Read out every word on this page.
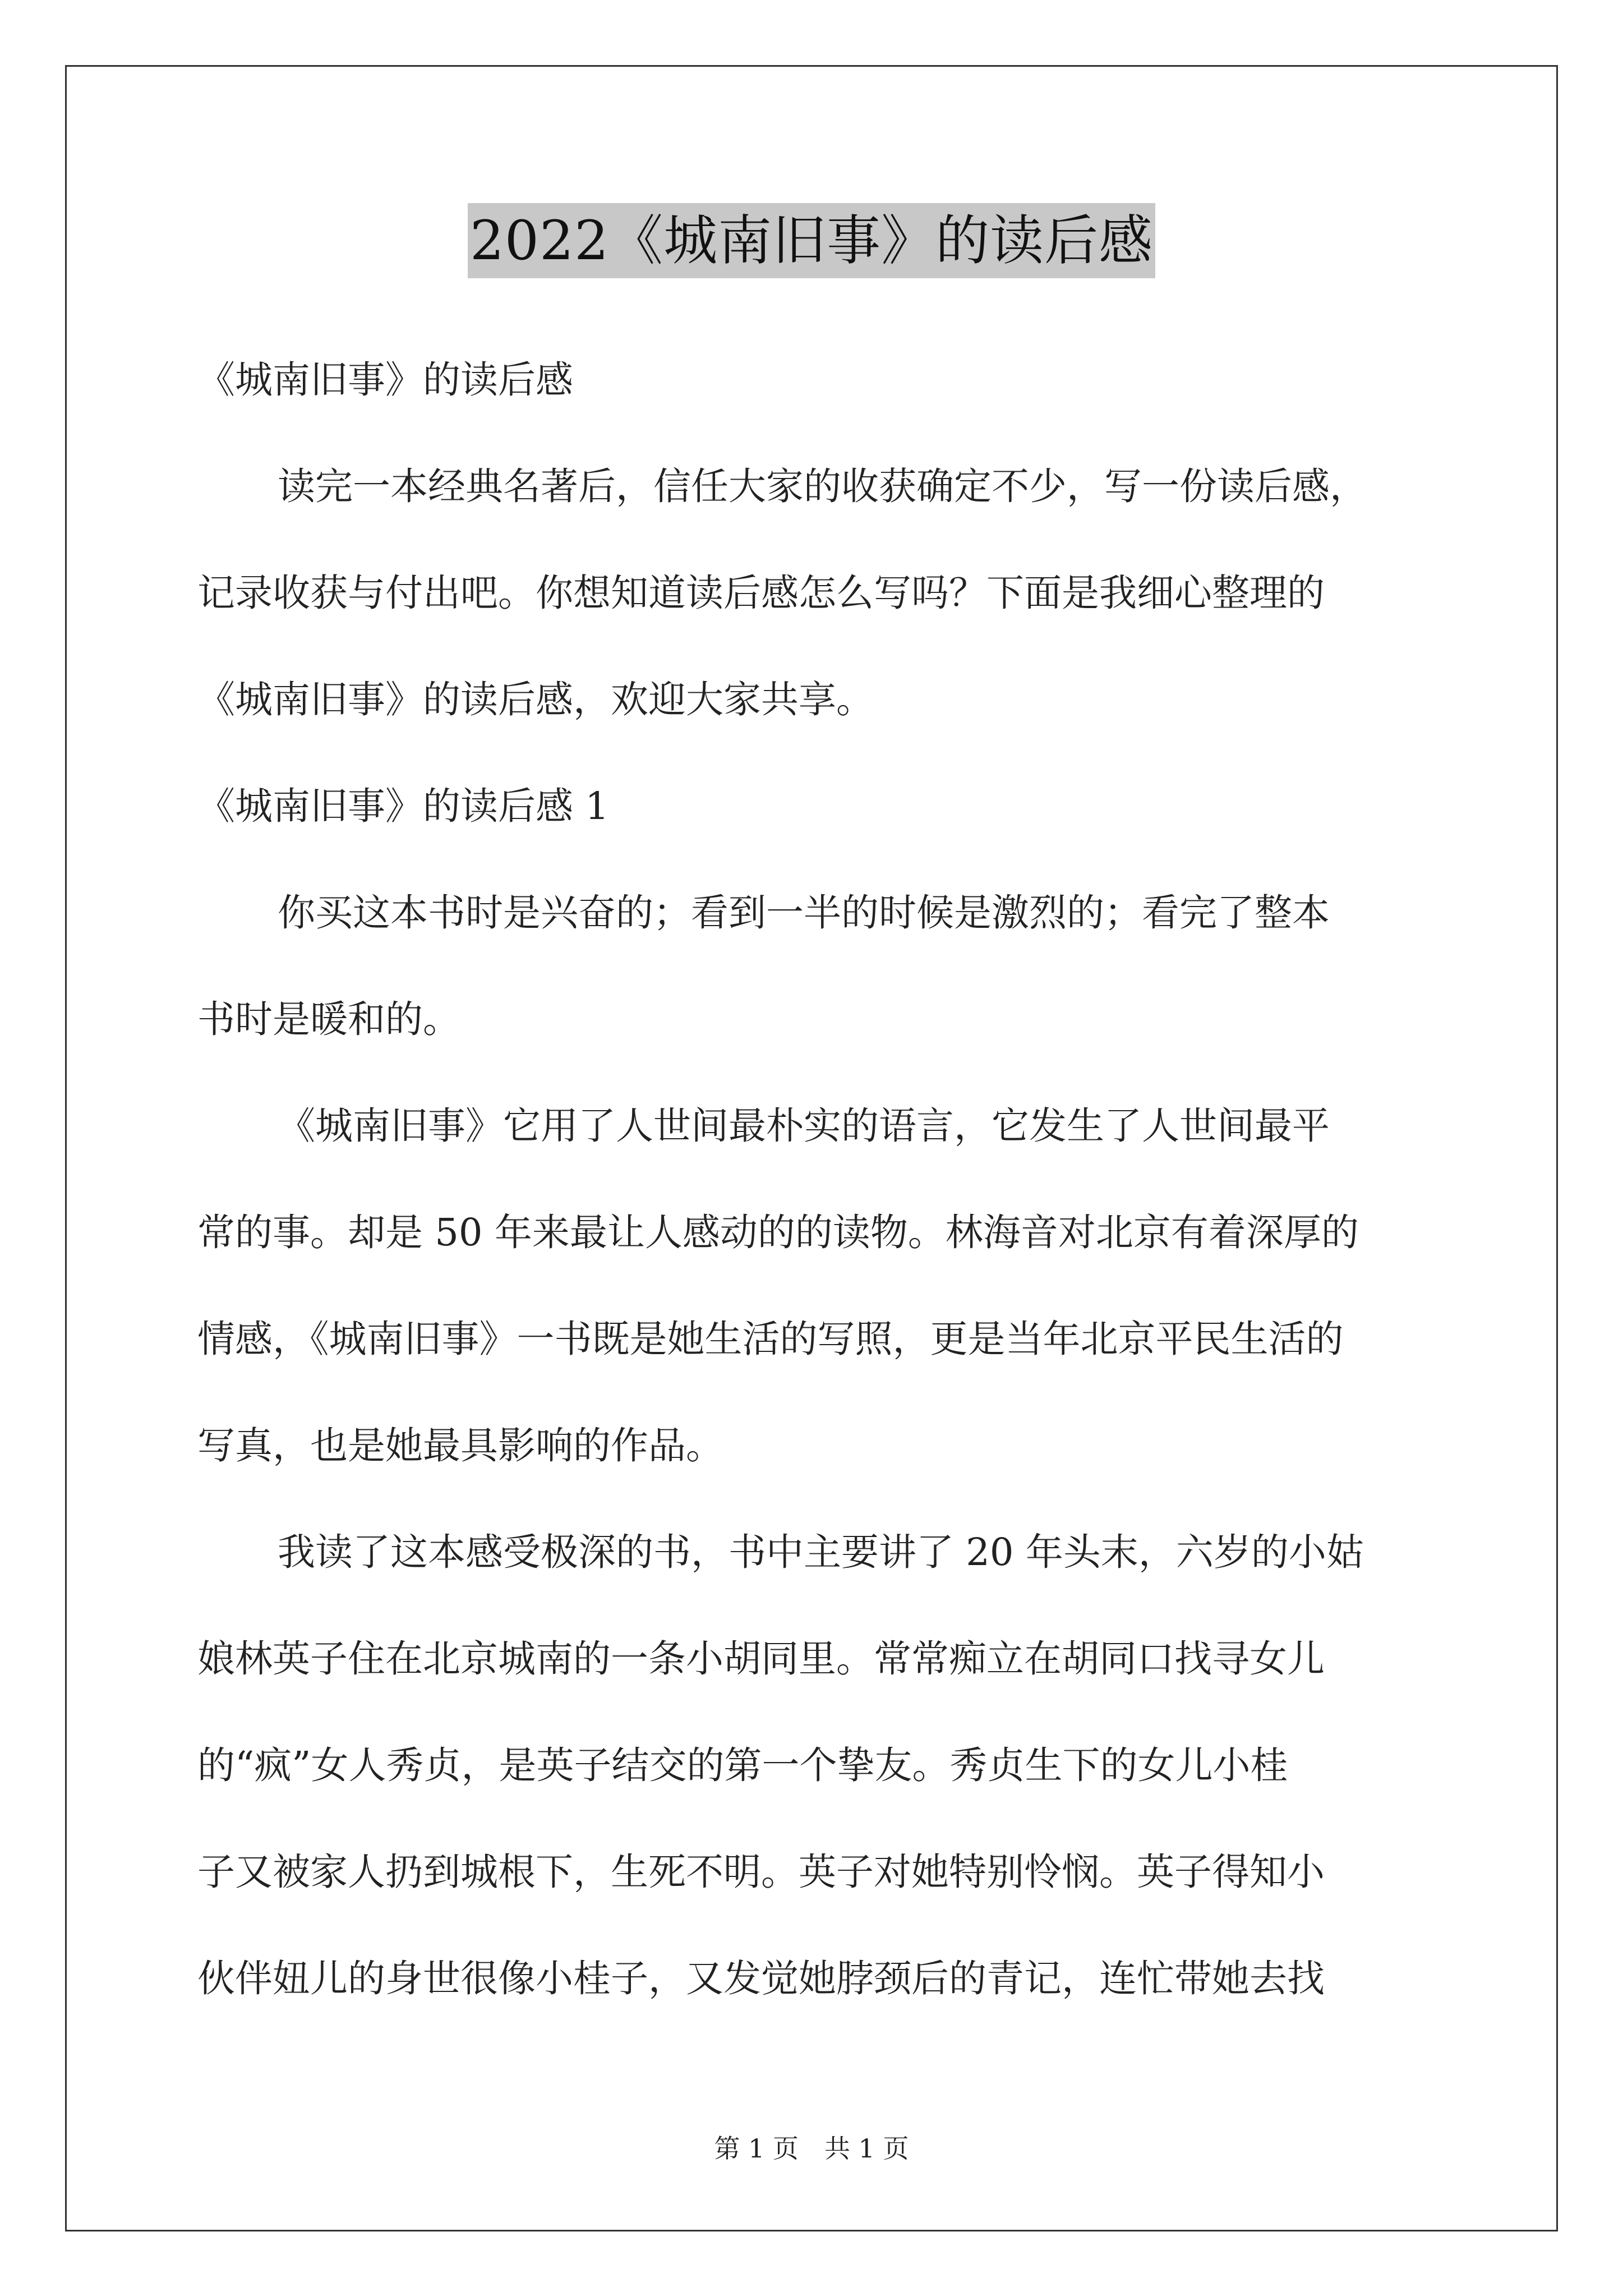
2022《城南旧事》的读后感
《城南旧事》的读后感
读完一本经典名著后，信任大家的收获确定不少，写一份读后感，
记录收获与付出吧。你想知道读后感怎么写吗？下面是我细心整理的
《城南旧事》的读后感，欢迎大家共享。
《城南旧事》的读后感 1
你买这本书时是兴奋的；看到一半的时候是激烈的；看完了整本
书时是暖和的。
《城南旧事》它用了人世间最朴实的语言，它发生了人世间最平
常的事。却是 50 年来最让人感动的的读物。林海音对北京有着深厚的
情感，《城南旧事》一书既是她生活的写照，更是当年北京平民生活的
写真，也是她最具影响的作品。
我读了这本感受极深的书，书中主要讲了 20 年头末，六岁的小姑
娘林英子住在北京城南的一条小胡同里。常常痴立在胡同口找寻女儿
的“疯”女人秀贞，是英子结交的第一个挚友。秀贞生下的女儿小桂
子又被家人扔到城根下，生死不明。英子对她特别怜悯。英子得知小
伙伴妞儿的身世很像小桂子，又发觉她脖颈后的青记，连忙带她去找
第 1 页　共 1 页
